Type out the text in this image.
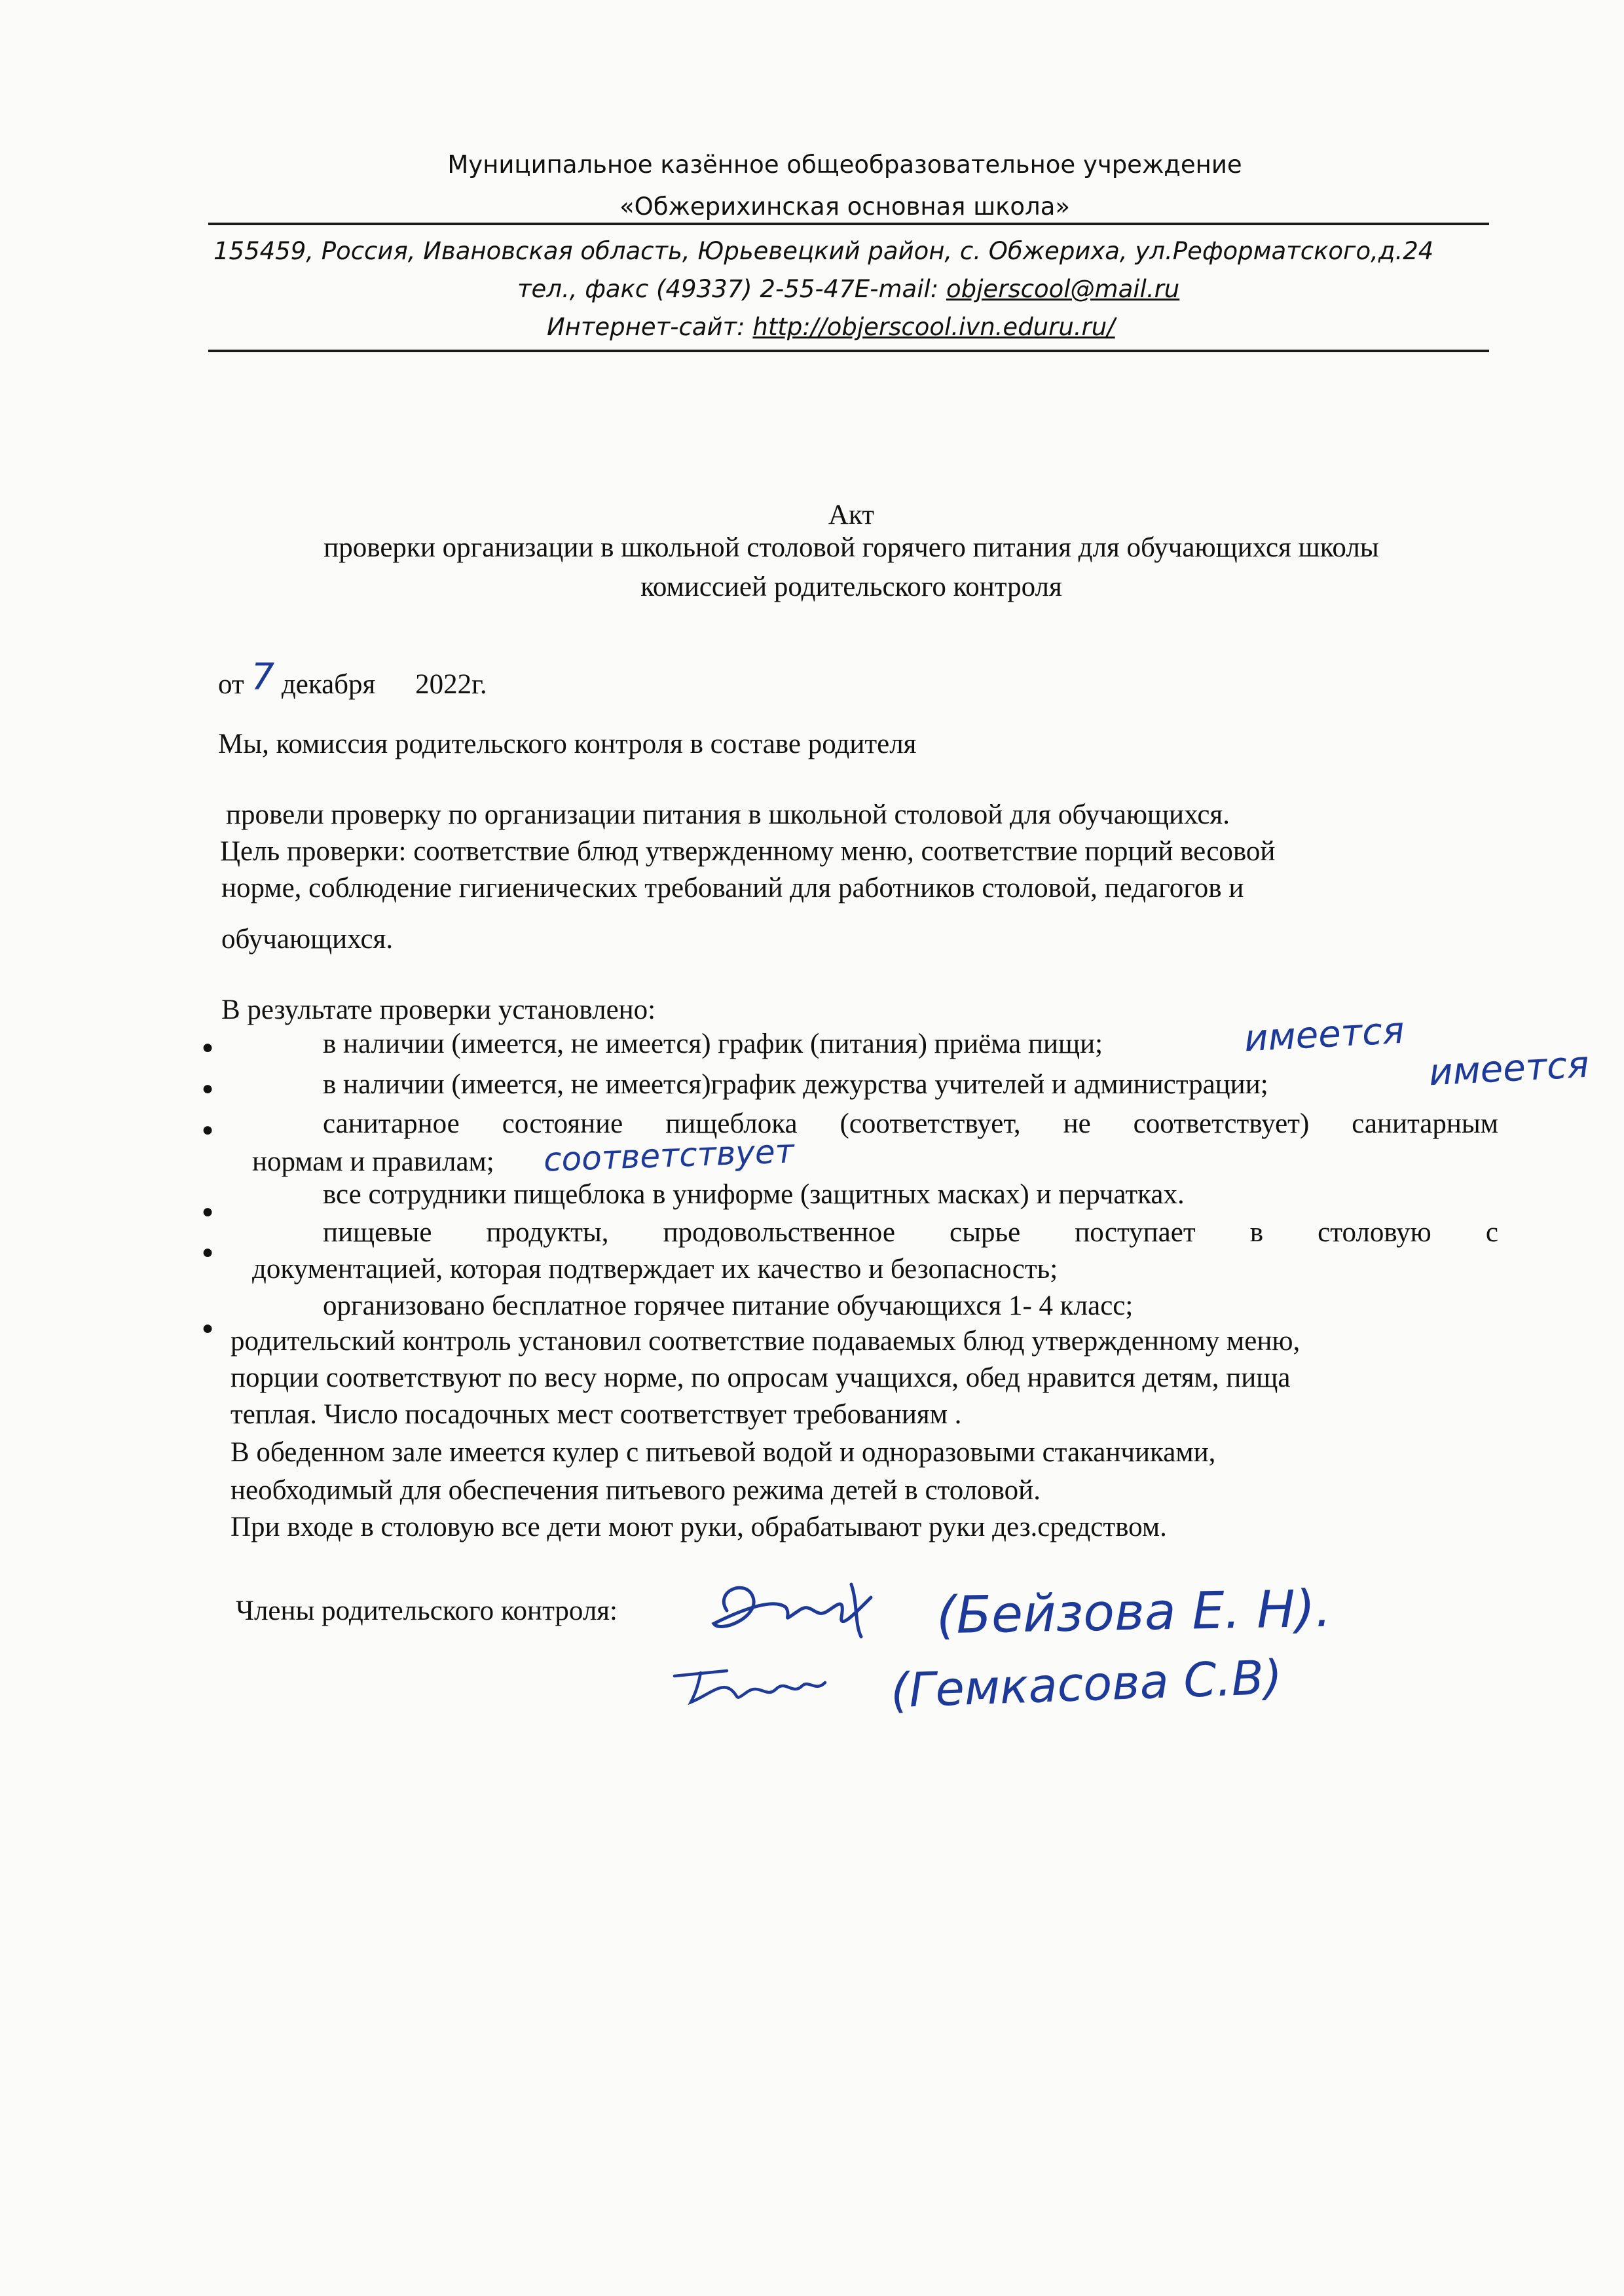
Муниципальное казённое общеобразовательное учреждение
«Обжерихинская основная школа»
155459, Россия, Ивановская область, Юрьевецкий район, с. Обжериха, ул.Реформатского,д.24
тел., факс (49337) 2-55-47E-mail: objerscool@mail.ru
Интернет-сайт: http://objerscool.ivn.eduru.ru/
Акт
проверки организации в школьной столовой горячего питания для обучающихся школы
комиссией родительского контроля
от 7 декабря 2022г.
Мы, комиссия родительского контроля в составе родителя
провели проверку по организации питания в школьной столовой для обучающихся.
Цель проверки: соответствие блюд утвержденному меню, соответствие порций весовой
норме, соблюдение гигиенических требований для работников столовой, педагогов и
обучающихся.
В результате проверки установлено:
●	в наличии (имеется, не имеется) график (питания) приёма пищи;	имеется
●	в наличии (имеется, не имеется)график дежурства учителей и администрации;	имеется
●	санитарное состояние пищеблока (соответствует, не соответствует) санитарным
нормам и правилам; соответствует
●
все сотрудники пищеблока в униформе (защитных масках) и перчатках.
●
пищевые продукты, продовольственное сырье поступает в столовую с
документацией, которая подтверждает их качество и безопасность;
●
организовано бесплатное горячее питание обучающихся 1- 4 класс;
родительский контроль установил соответствие подаваемых блюд утвержденному меню,
порции соответствуют по весу норме, по опросам учащихся, обед нравится детям, пища
теплая. Число посадочных мест соответствует требованиям .
В обеденном зале имеется кулер с питьевой водой и одноразовыми стаканчиками,
необходимый для обеспечения питьевого режима детей в столовой.
При входе в столовую все дети моют руки, обрабатывают руки дез.средством.
Члены родительского контроля:	(Бейзова Е. Н).
(Гемкасова С.В)
